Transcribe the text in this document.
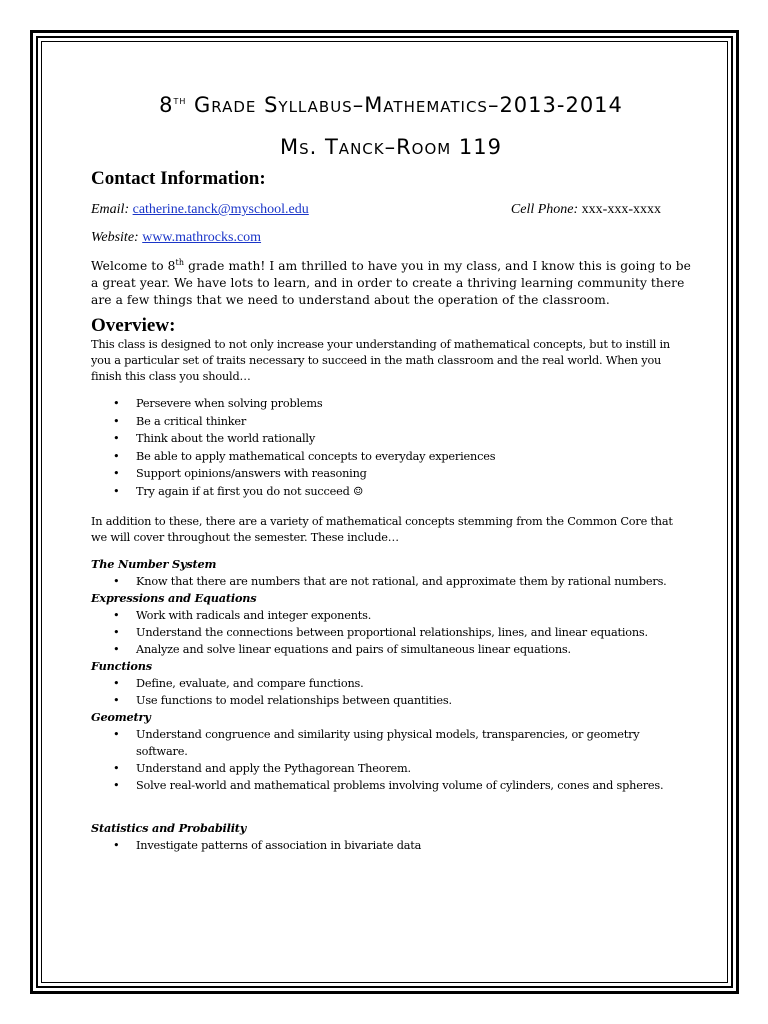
8th Grade Syllabus–Mathematics–2013-2014
Ms. Tanck–Room 119
Contact Information:
Email: catherine.tanck@myschool.edu	Cell Phone: xxx-xxx-xxxx
Website: www.mathrocks.com
Welcome to 8th grade math! I am thrilled to have you in my class, and I know this is going to be a great year. We have lots to learn, and in order to create a thriving learning community there are a few things that we need to understand about the operation of the classroom.
Overview:
This class is designed to not only increase your understanding of mathematical concepts, but to instill in you a particular set of traits necessary to succeed in the math classroom and the real world. When you finish this class you should…
• Persevere when solving problems
• Be a critical thinker
• Think about the world rationally
• Be able to apply mathematical concepts to everyday experiences
• Support opinions/answers with reasoning
• Try again if at first you do not succeed ☺
In addition to these, there are a variety of mathematical concepts stemming from the Common Core that we will cover throughout the semester. These include…
The Number System
• Know that there are numbers that are not rational, and approximate them by rational numbers.
Expressions and Equations
• Work with radicals and integer exponents.
• Understand the connections between proportional relationships, lines, and linear equations.
• Analyze and solve linear equations and pairs of simultaneous linear equations.
Functions
• Define, evaluate, and compare functions.
• Use functions to model relationships between quantities.
Geometry
• Understand congruence and similarity using physical models, transparencies, or geometry software.
• Understand and apply the Pythagorean Theorem.
• Solve real-world and mathematical problems involving volume of cylinders, cones and spheres.
Statistics and Probability
• Investigate patterns of association in bivariate data
